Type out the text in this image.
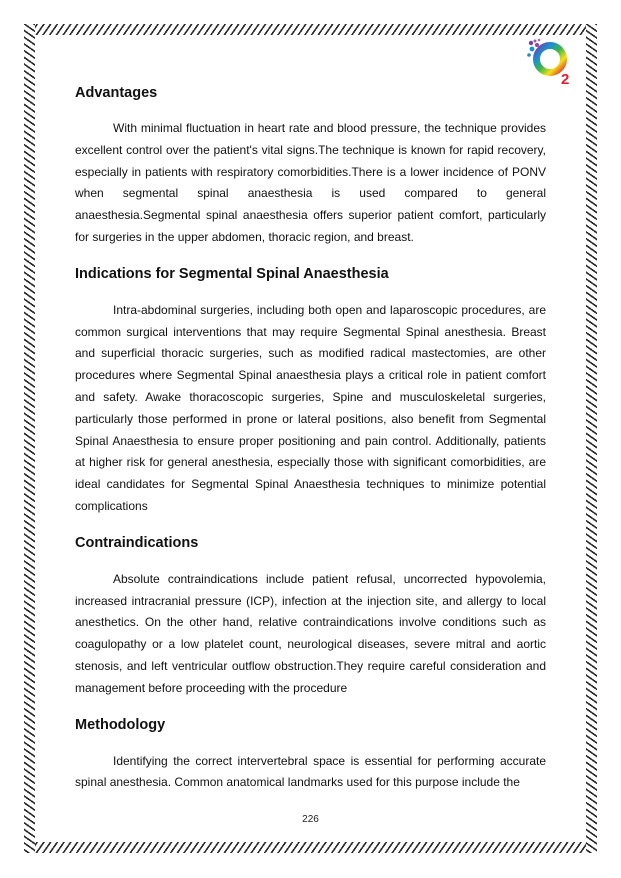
2
Advantages

With minimal fluctuation in heart rate and blood pressure, the technique provides excellent control over the patient's vital signs.The technique is known for rapid recovery, especially in patients with respiratory comorbidities.There is a lower incidence of PONV when segmental spinal anaesthesia is used compared to general anaesthesia.Segmental spinal anaesthesia offers superior patient comfort, particularly for surgeries in the upper abdomen, thoracic region, and breast.

Indications for Segmental Spinal Anaesthesia

Intra-abdominal surgeries, including both open and laparoscopic procedures, are common surgical interventions that may require Segmental Spinal anesthesia. Breast and superficial thoracic surgeries, such as modified radical mastectomies, are other procedures where Segmental Spinal anaesthesia plays a critical role in patient comfort and safety. Awake thoracoscopic surgeries, Spine and musculoskeletal surgeries, particularly those performed in prone or lateral positions, also benefit from Segmental Spinal Anaesthesia to ensure proper positioning and pain control. Additionally, patients at higher risk for general anesthesia, especially those with significant comorbidities, are ideal candidates for Segmental Spinal Anaesthesia techniques to minimize potential complications

Contraindications

Absolute contraindications include patient refusal, uncorrected hypovolemia, increased intracranial pressure (ICP), infection at the injection site, and allergy to local anesthetics. On the other hand, relative contraindications involve conditions such as coagulopathy or a low platelet count, neurological diseases, severe mitral and aortic stenosis, and left ventricular outflow obstruction.They require careful consideration and management before proceeding with the procedure

Methodology

Identifying the correct intervertebral space is essential for performing accurate spinal anesthesia. Common anatomical landmarks used for this purpose include the

226
